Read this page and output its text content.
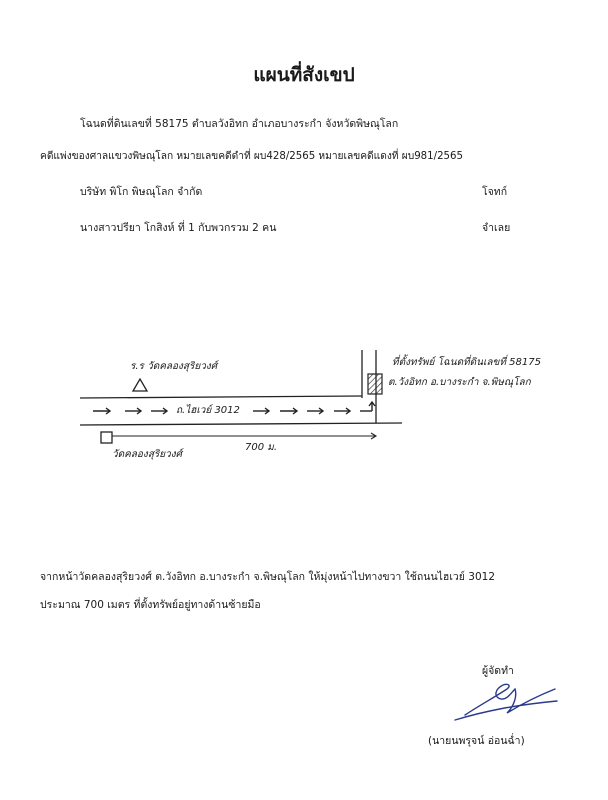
แผนที่สังเขป
โฉนดที่ดินเลขที่ 58175 ตำบลวังอิทก อำเภอบางระกำ จังหวัดพิษณุโลก
คดีแพ่งของศาลแขวงพิษณุโลก หมายเลขคดีดำที่ ผบ428/2565 หมายเลขคดีแดงที่ ผบ981/2565
บริษัท พิโก พิษณุโลก จำกัด	โจทก์
นางสาวปรียา โกสิงห์ ที่ 1 กับพวกรวม 2 คน	จำเลย
ร.ร วัดคลองสุริยวงศ์	ที่ตั้งทรัพย์ โฉนดที่ดินเลขที่ 58175
ต.วังอิทก อ.บางระกำ จ.พิษณุโลก
ถ.ไฮเวย์ 3012
วัดคลองสุริยวงศ์
700 ม.
จากหน้าวัดคลองสุริยวงศ์ ต.วังอิทก อ.บางระกำ จ.พิษณุโลก ให้มุ่งหน้าไปทางขวา ใช้ถนนไฮเวย์ 3012
ประมาณ 700 เมตร ที่ตั้งทรัพย์อยู่ทางด้านซ้ายมือ
ผู้จัดทำ
(นายนพรุจน์ อ่อนฉ่ำ)
